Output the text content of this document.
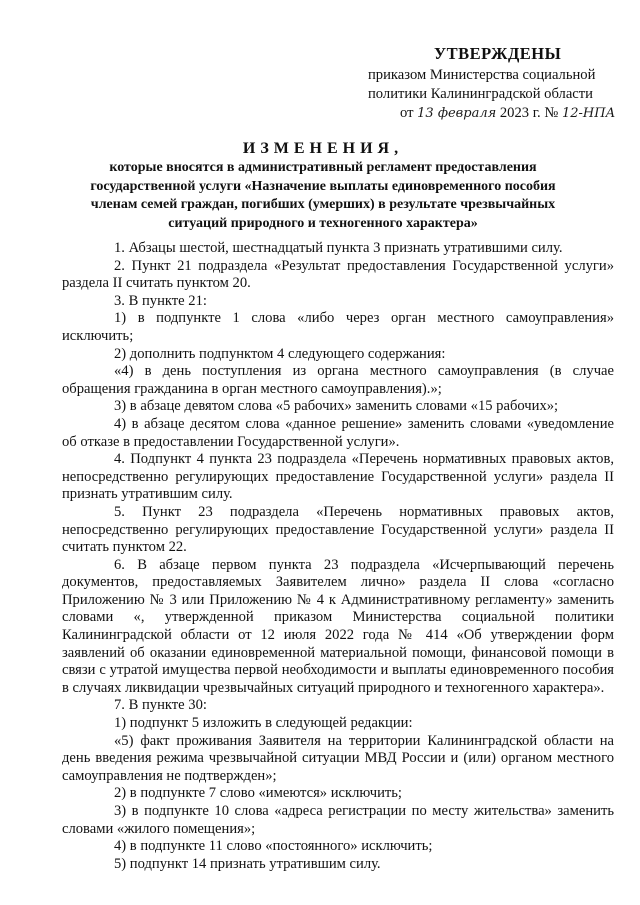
УТВЕРЖДЕНЫ
приказом Министерства социальной
политики Калининградской области
от 13 февраля 2023 г. № 12-НПА
ИЗМЕНЕНИЯ,
которые вносятся в административный регламент предоставления государственной услуги «Назначение выплаты единовременного пособия членам семей граждан, погибших (умерших) в результате чрезвычайных ситуаций природного и техногенного характера»

1. Абзацы шестой, шестнадцатый пункта 3 признать утратившими силу.

2. Пункт 21 подраздела «Результат предоставления Государственной услуги» раздела II считать пунктом 20.

3. В пункте 21:

1) в подпункте 1 слова «либо через орган местного самоуправления» исключить;

2) дополнить подпунктом 4 следующего содержания:

«4) в день поступления из органа местного самоуправления (в случае обращения гражданина в орган местного самоуправления).»;

3) в абзаце девятом слова «5 рабочих» заменить словами «15 рабочих»;

4) в абзаце десятом слова «данное решение» заменить словами «уведомление об отказе в предоставлении Государственной услуги».

4. Подпункт 4 пункта 23 подраздела «Перечень нормативных правовых актов, непосредственно регулирующих предоставление Государственной услуги» раздела II признать утратившим силу.

5. Пункт 23 подраздела «Перечень нормативных правовых актов, непосредственно регулирующих предоставление Государственной услуги» раздела II считать пунктом 22.

6. В абзаце первом пункта 23 подраздела «Исчерпывающий перечень документов, предоставляемых Заявителем лично» раздела II слова «согласно Приложению № 3 или Приложению № 4 к Административному регламенту» заменить словами «, утвержденной приказом Министерства социальной политики Калининградской области от 12 июля 2022 года № 414 «Об утверждении форм заявлений об оказании единовременной материальной помощи, финансовой помощи в связи с утратой имущества первой необходимости и выплаты единовременного пособия в случаях ликвидации чрезвычайных ситуаций природного и техногенного характера».

7. В пункте 30:

1) подпункт 5 изложить в следующей редакции:

«5) факт проживания Заявителя на территории Калининградской области на день введения режима чрезвычайной ситуации МВД России и (или) органом местного самоуправления не подтвержден»;

2) в подпункте 7 слово «имеются» исключить;

3) в подпункте 10 слова «адреса регистрации по месту жительства» заменить словами «жилого помещения»;

4) в подпункте 11 слово «постоянного» исключить;

5) подпункт 14 признать утратившим силу.
